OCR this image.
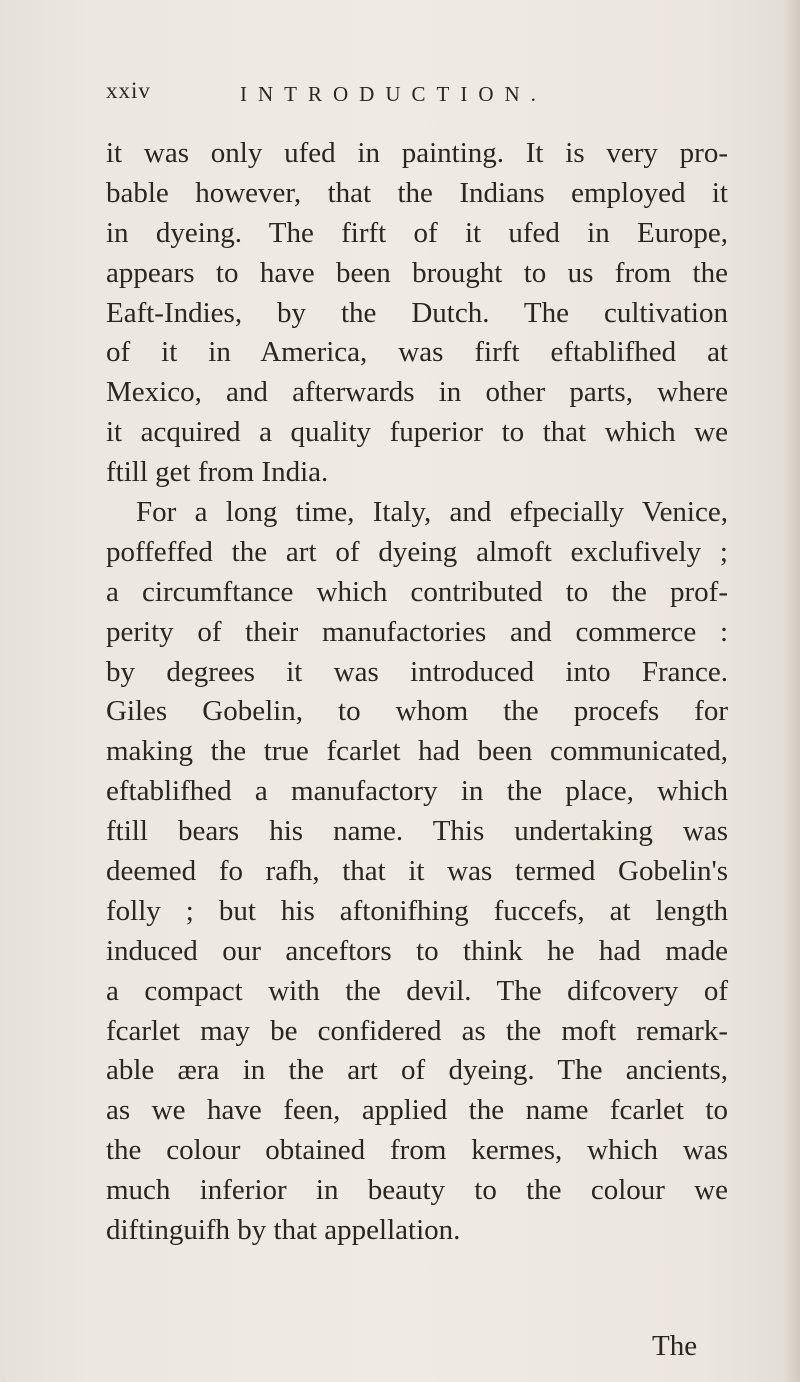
xxiv	INTRODUCTION.
it was only ufed in painting. It is very pro-
bable however, that the Indians employed it
in dyeing. The firft of it ufed in Europe,
appears to have been brought to us from the
Eaft-Indies, by the Dutch. The cultivation
of it in America, was firft eftablifhed at
Mexico, and afterwards in other parts, where
it acquired a quality fuperior to that which we
ftill get from India.
For a long time, Italy, and efpecially Venice,
poffeffed the art of dyeing almoft exclufively ;
a circumftance which contributed to the prof-
perity of their manufactories and commerce :
by degrees it was introduced into France.
Giles Gobelin, to whom the procefs for
making the true fcarlet had been communicated,
eftablifhed a manufactory in the place, which
ftill bears his name. This undertaking was
deemed fo rafh, that it was termed Gobelin's
folly ; but his aftonifhing fuccefs, at length
induced our anceftors to think he had made
a compact with the devil. The difcovery of
fcarlet may be confidered as the moft remark-
able æra in the art of dyeing. The ancients,
as we have feen, applied the name fcarlet to
the colour obtained from kermes, which was
much inferior in beauty to the colour we
diftinguifh by that appellation.
The
